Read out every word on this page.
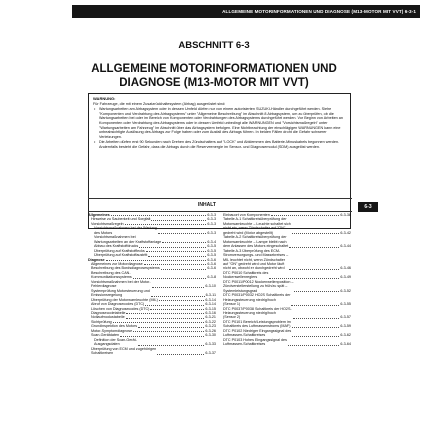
ALLGEMEINE MOTORINFORMATIONEN UND DIAGNOSE (M13-MOTOR MIT VVT) 6-3-1
ABSCHNITT 6-3
ALLGEMEINE MOTORINFORMATIONEN UND DIAGNOSE (M13-MOTOR MIT VVT)
WARNUNG:

Für Fahrzeuge, die mit einem Zusatzrückhaltesystem (Airbag) ausgerüstet sind:

• Wartungsarbeiten am Airbagsystem oder in dessen Umfeld dürfen nur von einem autorisierten SUZUKI-Händler durchgeführt werden. Siehe "Komponenten und Verdrahtung des Airbagsystems" unter "Allgemeine Beschreibung" im Abschnitt 8 Airbagsystem, um zu überprüfen, ob die Wartungsarbeiten bei oder im Bereich von Komponenten oder Verdrahtungen des Airbagsystems durchgeführt werden. Vor Beginn von Arbeiten an Komponenten oder Verdrahtung des Airbagsystems oder in dessen Umfeld unbedingt alle WARNUNGEN und "Vorsichtsmaßregeln" unter "Wartungsarbeiten am Fahrzeug" im Abschnitt über das Airbagsystem befolgen. Eine Nichtbeachtung der einschlägigen WARNUNGEN kann eine unbeabsichtigte Auslösung des Airbags zur Folge haben oder zum Ausfall des Airbags führen. In beiden Fällen droht die Gefahr schwerer Verletzungen.
• Die Arbeiten dürfen erst 90 Sekunden nach Drehen des Zündschalters auf "LOCK" und Abklemmen des Batterie-Minuskabels begonnen werden. Andernfalls besteht die Gefahr, dass die Airbags durch die Reserveenergie im Sensor- und Diagnosemodul (SDM) ausgelöst werden.
6-3
INHALT
Allgemeines	6-3-3
Hinweise zu Sauberkeit und Sorgfalt	6-3-3
Vorsichtsmaßregeln	6-3-3
Vorsichtsmaßnahmen bei der Wartung
des Motors	6-3-3
Vorsichtsmaßnahmen bei
Wartungsarbeiten an der Kraftstoffanlage	6-3-4
Abbau des Kraftstoffdrucks	6-3-5
Überprüfung auf Kraftstofflecks	6-3-5
Überprüfung auf Kraftstoffaustritt	6-3-5
Diagnose	6-3-6
Allgemeines zur Motordiagnose	6-3-6
Beschreibung des Bordsdiagnosesystems	6-3-6
Beschreibung des CAN-
Kommunikationssystems	6-3-8
Vorsichtsmaßnahmen bei der Motor-
Fehlerdiagnose	6-3-10
Systemprüfung Motorsteuerung und
Emissionsregelung	6-3-11
Überprüfung der Motorwarnleuchte (MIL)	6-3-14
Abruf von Diagnosecodes (DTC)	6-3-14
Löschen von Diagnosecodes (DTC)	6-3-15
Diagnosecodetabelle	6-3-16
Notlaufmodustabelle	6-3-21
Sichtprüfung	6-3-22
Grundinspektion des Motors	6-3-23
Motor-Symptomdiagnose	6-3-26
Scan-Gerätdaten	6-3-30
Definition der Scan-Gerät-
Ausgangsdaten	6-3-33
Überprüfung von ECM und zugehörigen
Schaltkreisen	6-3-37
Einbauort von Komponenten	6-3-38
Tabelle A-1 Schaltkreisüberprüfung der
Motorwarnleuchte – Leuchte schaltet sich
nicht ein, wenn Zündschalter auf "ON"
gedreht wird (Motor abgestellt)	6-3-42
Tabelle A-2 Schaltkreisüberprüfung der
Motorwarnleuchte – Lampe bleibt nach
dem Anlassen des Motors eingeschaltet	6-3-44
Tabelle A-3 Überprüfung des ECM-
Stromversorgungs- und Massekreises –
MIL leuchtet nicht, wenn Zündschalter
auf "ON" gedreht wird und Motor läuft
nicht an, obwohl er durchgedreht wird	6-3-46
DTC P0010 Schaltkreis des
Nockenwellenreglers	6-3-49
DTC P0011/P0012 Nockenwellenposition –
Zündverstellerstellung zu früh/zu spät –
Systemleistungsgrad	6-3-52
DTC P0031/P0032 HO2S Schaltkreis der
Heizungssteuerung niedrig/hoch
(Sensor 1)	6-3-55
DTC P0037/P0038 Schaltkreis der HO2S-
Heizungssteuerung niedrig/hoch
(Sensor 2)	6-3-57
DTC P0101 Bereich/Leistungsproblem im
Schaltkreis des Luftmassenstroms (MAF)	6-3-59
DTC P0102 Niedriger Eingangssignal des
Luftmassen-Schaltkreises	6-3-62
DTC P0103 Hohes Eingangssignal des
Luftmassen-Schaltkreises	6-3-64
